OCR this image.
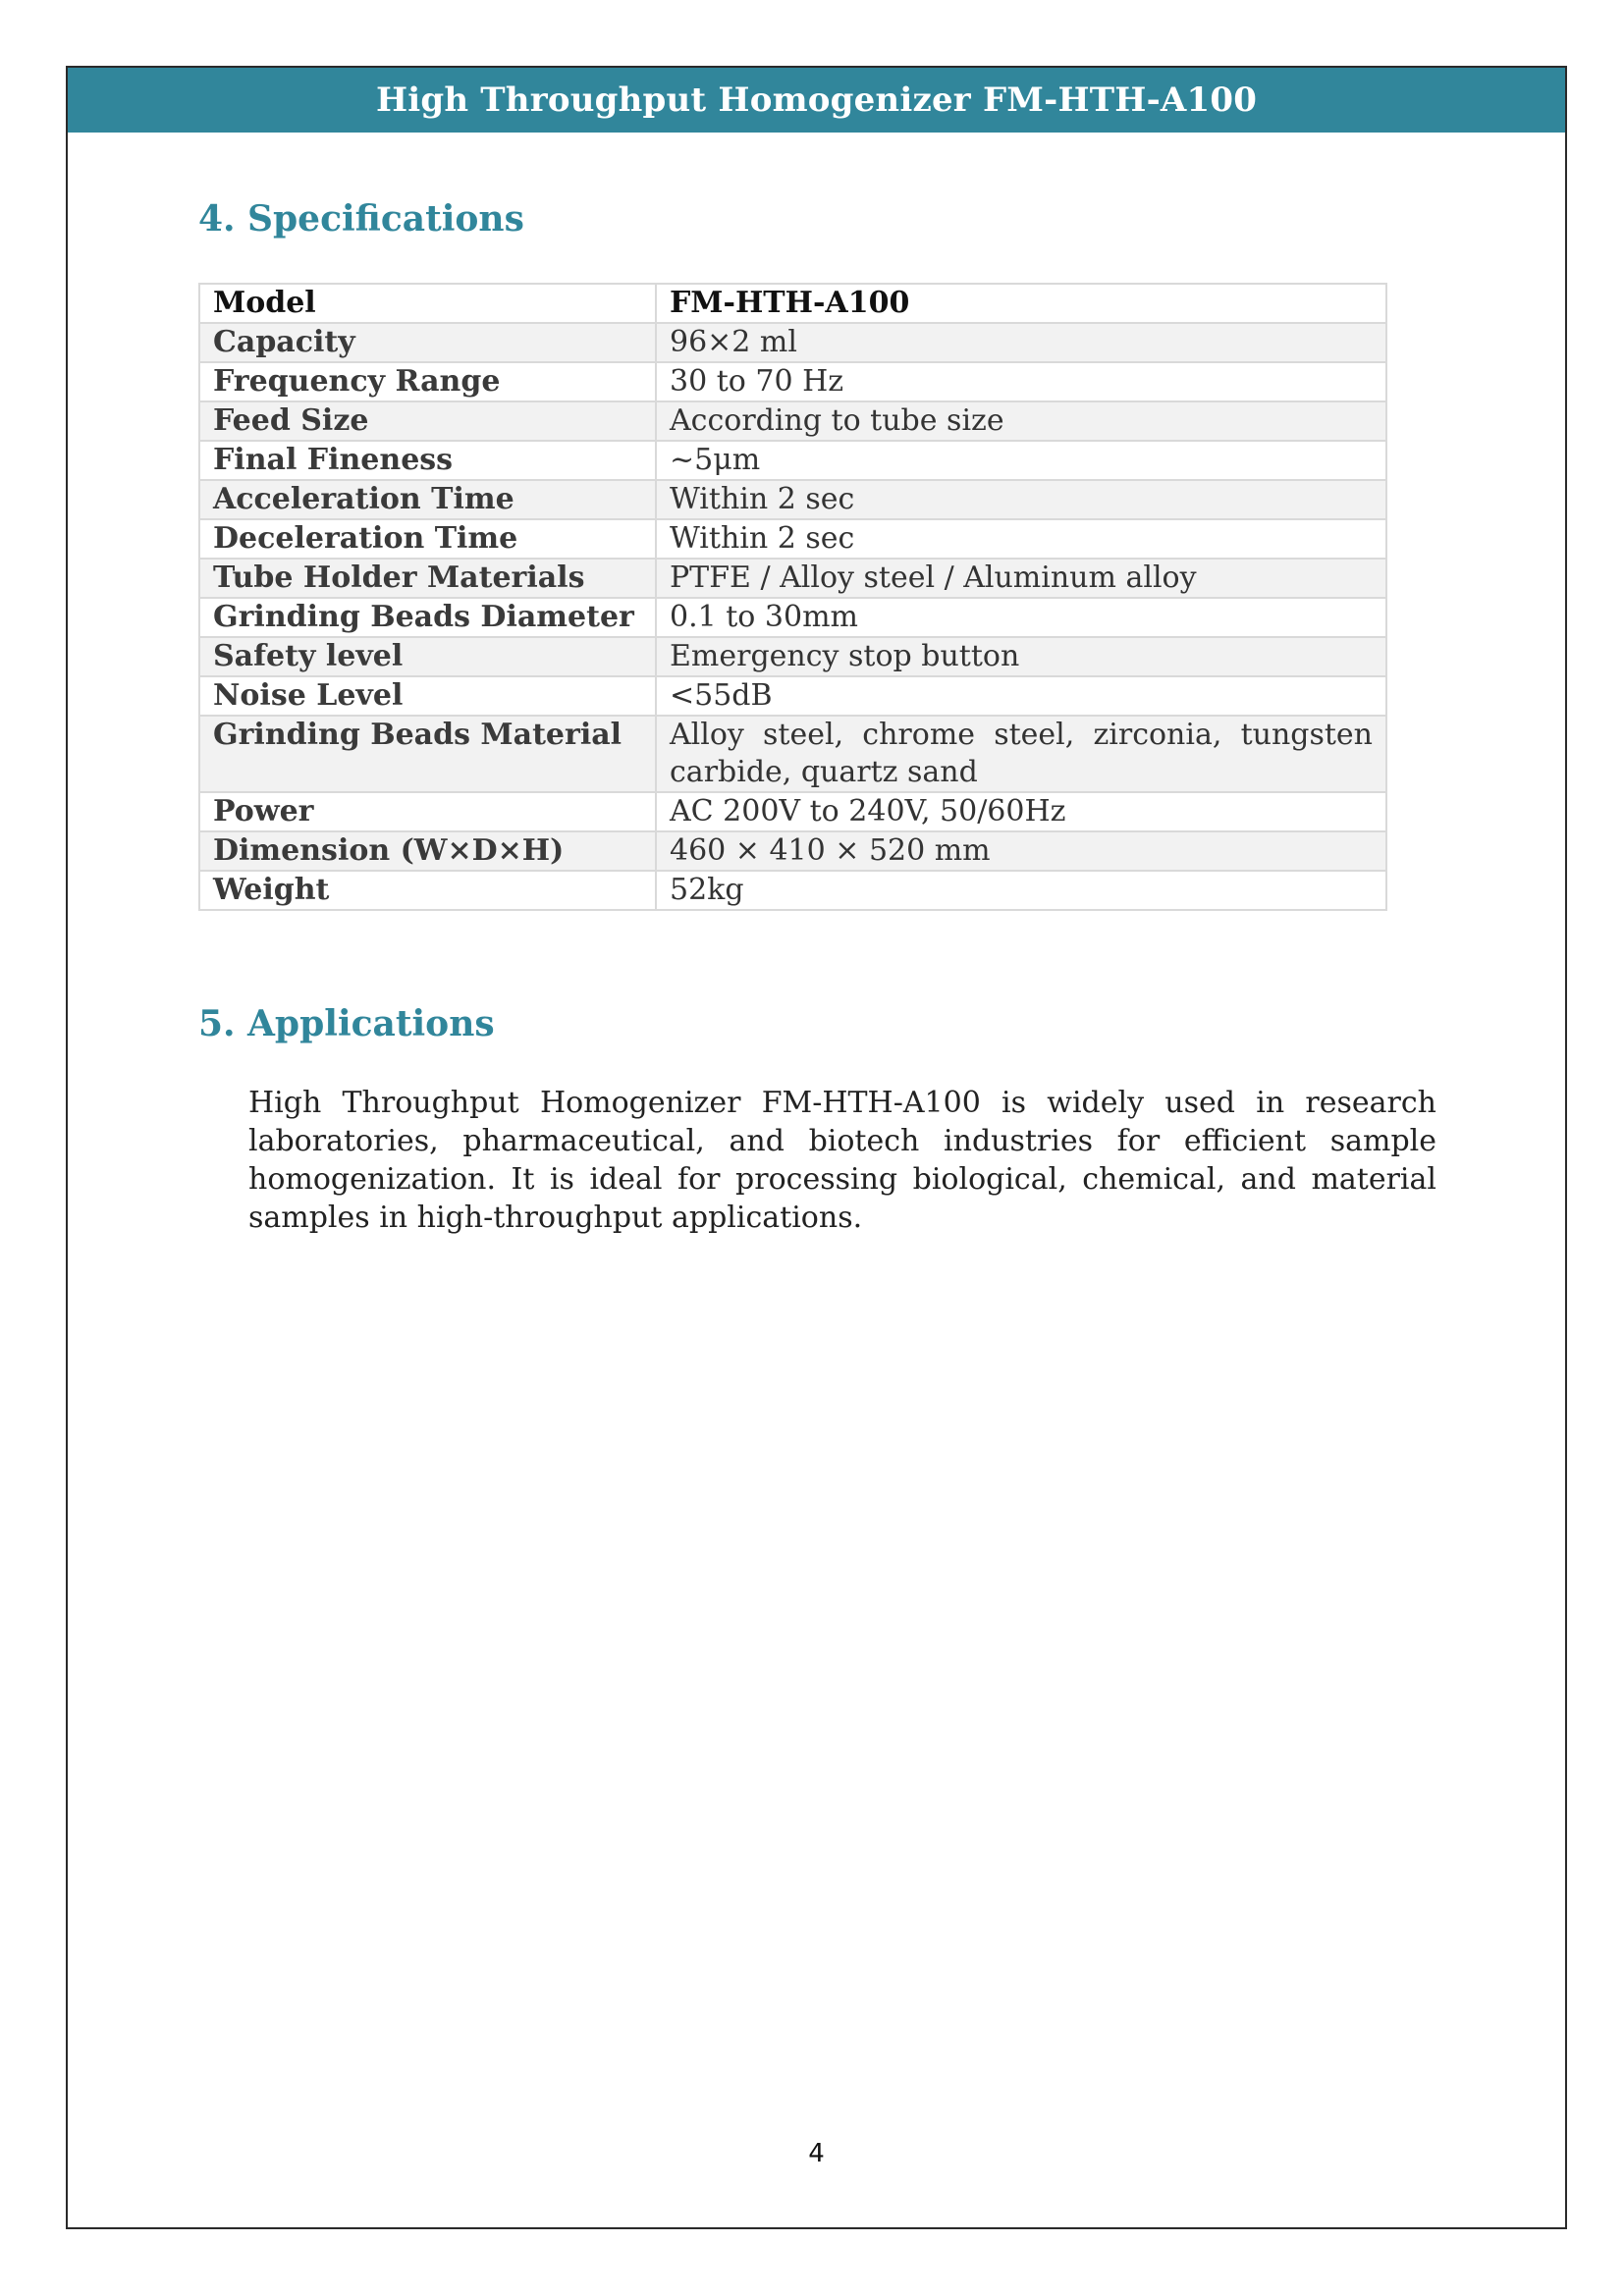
High Throughput Homogenizer FM-HTH-A100
4. Specifications
Model	FM-HTH-A100
Capacity	96×2 ml
Frequency Range	30 to 70 Hz
Feed Size	According to tube size
Final Fineness	~5μm
Acceleration Time	Within 2 sec
Deceleration Time	Within 2 sec
Tube Holder Materials	PTFE / Alloy steel / Aluminum alloy
Grinding Beads Diameter	0.1 to 30mm
Safety level	Emergency stop button
Noise Level	<55dB
Grinding Beads Material	Alloy steel, chrome steel, zirconia, tungsten carbide, quartz sand
Power	AC 200V to 240V, 50/60Hz
Dimension (W×D×H)	460 × 410 × 520 mm
Weight	52kg
5. Applications

High Throughput Homogenizer FM-HTH-A100 is widely used in research laboratories, pharmaceutical, and biotech industries for efficient sample homogenization. It is ideal for processing biological, chemical, and material samples in high-throughput applications.

4
